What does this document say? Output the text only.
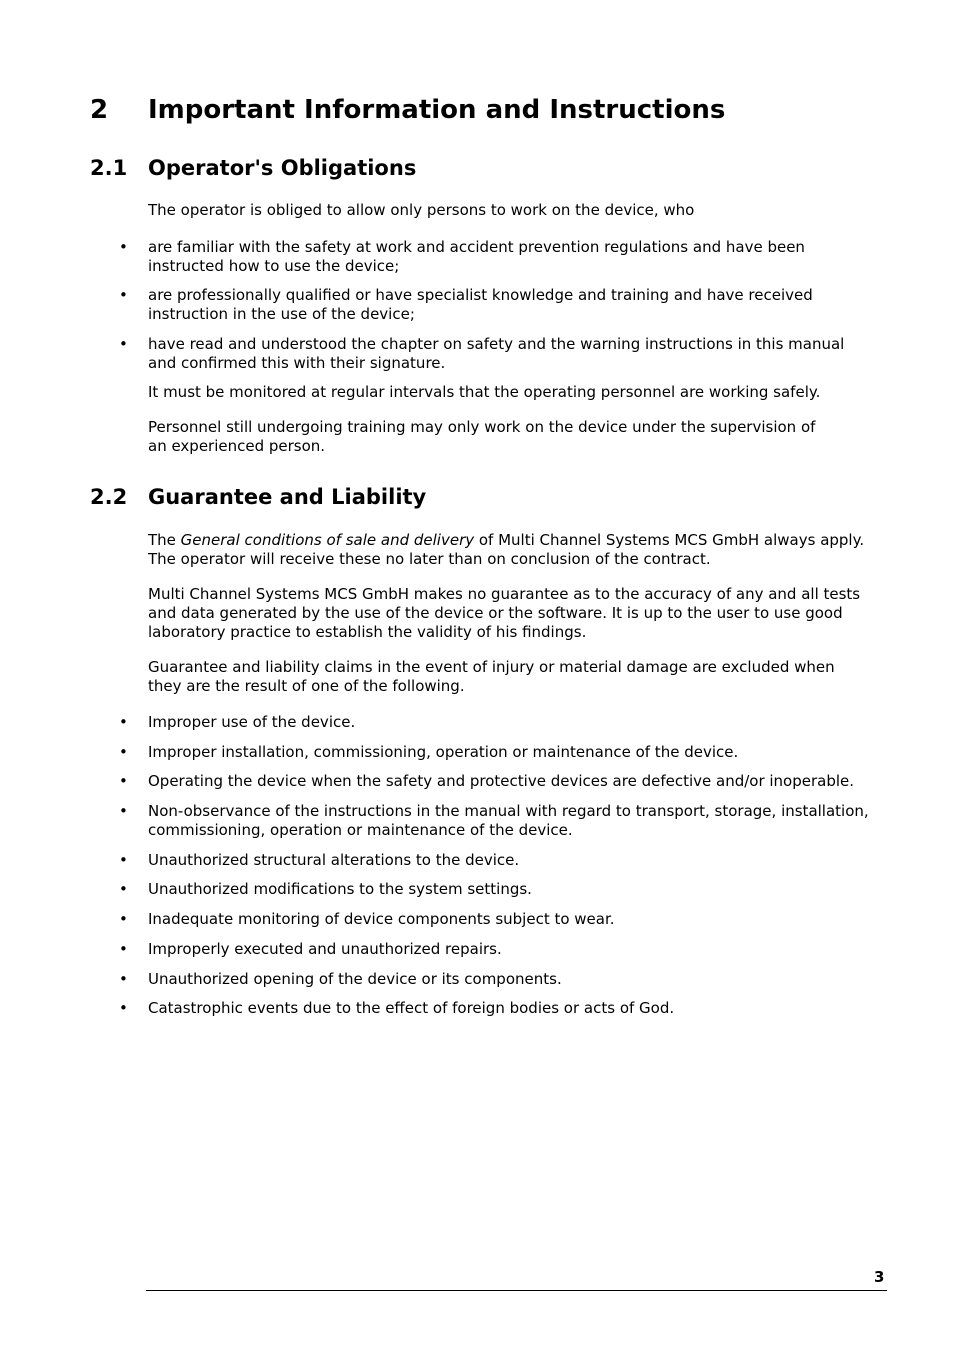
2 Important Information and Instructions
2.1 Operator's Obligations
The operator is obliged to allow only persons to work on the device, who
• are familiar with the safety at work and accident prevention regulations and have been instructed how to use the device;
• are professionally qualified or have specialist knowledge and training and have received instruction in the use of the device;
• have read and understood the chapter on safety and the warning instructions in this manual and confirmed this with their signature.
It must be monitored at regular intervals that the operating personnel are working safely.
Personnel still undergoing training may only work on the device under the supervision of an experienced person.
2.2 Guarantee and Liability
The General conditions of sale and delivery of Multi Channel Systems MCS GmbH always apply. The operator will receive these no later than on conclusion of the contract.
Multi Channel Systems MCS GmbH makes no guarantee as to the accuracy of any and all tests and data generated by the use of the device or the software. It is up to the user to use good laboratory practice to establish the validity of his findings.
Guarantee and liability claims in the event of injury or material damage are excluded when they are the result of one of the following.
• Improper use of the device.
• Improper installation, commissioning, operation or maintenance of the device.
• Operating the device when the safety and protective devices are defective and/or inoperable.
• Non-observance of the instructions in the manual with regard to transport, storage, installation, commissioning, operation or maintenance of the device.
• Unauthorized structural alterations to the device.
• Unauthorized modifications to the system settings.
• Inadequate monitoring of device components subject to wear.
• Improperly executed and unauthorized repairs.
• Unauthorized opening of the device or its components.
• Catastrophic events due to the effect of foreign bodies or acts of God.
3
